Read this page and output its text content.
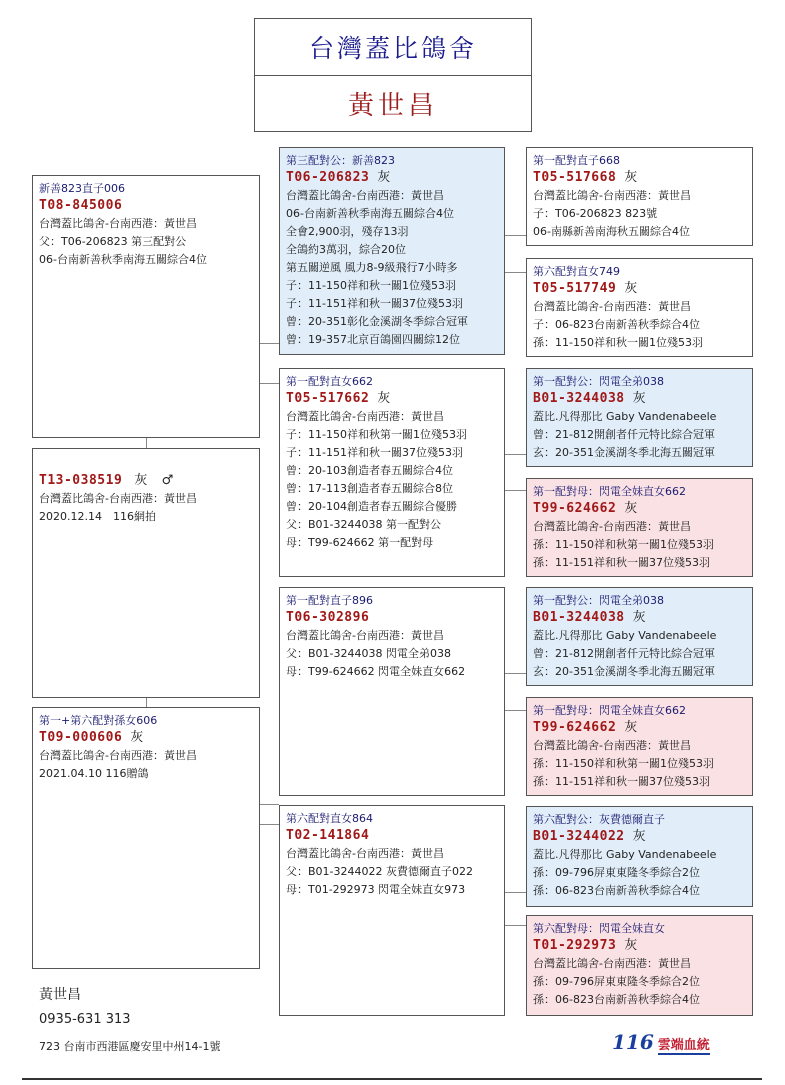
台灣蓋比鴿舍
黃世昌
新善823直子006
T08-845006
台灣蓋比鴿舍-台南西港：黃世昌
父：T06-206823 第三配對公
06-台南新善秋季南海五關綜合4位
T13-038519 灰 ♂
台灣蓋比鴿舍-台南西港：黃世昌
2020.12.14　116網拍
第一+第六配對孫女606
T09-000606 灰
台灣蓋比鴿舍-台南西港：黃世昌
2021.04.10 116贈鴿
第三配對公：新善823
T06-206823 灰
台灣蓋比鴿舍-台南西港：黃世昌
06-台南新善秋季南海五關綜合4位
全會2,900羽，殘存13羽
全鴿約3萬羽，綜合20位
第五關逆風 風力8-9級飛行7小時多
子：11-150祥和秋一關1位殘53羽
子：11-151祥和秋一關37位殘53羽
曾：20-351彰化金溪湖冬季綜合冠軍
曾：19-357北京百鴿園四關綜12位
第一配對直女662
T05-517662 灰
台灣蓋比鴿舍-台南西港：黃世昌
子：11-150祥和秋第一關1位殘53羽
子：11-151祥和秋一關37位殘53羽
曾：20-103創造者春五關綜合4位
曾：17-113創造者春五關綜合8位
曾：20-104創造者春五關綜合優勝
父：B01-3244038 第一配對公
母：T99-624662 第一配對母
第一配對直子896
T06-302896
台灣蓋比鴿舍-台南西港：黃世昌
父：B01-3244038 閃電全弟038
母：T99-624662 閃電全妹直女662
第六配對直女864
T02-141864
台灣蓋比鴿舍-台南西港：黃世昌
父：B01-3244022 灰費德爾直子022
母：T01-292973 閃電全妹直女973
第一配對直子668
T05-517668 灰
台灣蓋比鴿舍-台南西港：黃世昌
子：T06-206823 823號
06-南縣新善南海秋五關綜合4位
第六配對直女749
T05-517749 灰
台灣蓋比鴿舍-台南西港：黃世昌
子：06-823台南新善秋季綜合4位
孫：11-150祥和秋一關1位殘53羽
第一配對公：閃電全弟038
B01-3244038 灰
蓋比.凡得那比 Gaby Vandenabeele
曾：21-812開創者仟元特比綜合冠軍
玄：20-351金溪湖冬季北海五關冠軍
第一配對母：閃電全妹直女662
T99-624662 灰
台灣蓋比鴿舍-台南西港：黃世昌
孫：11-150祥和秋第一關1位殘53羽
孫：11-151祥和秋一關37位殘53羽
第一配對公：閃電全弟038
B01-3244038 灰
蓋比.凡得那比 Gaby Vandenabeele
曾：21-812開創者仟元特比綜合冠軍
玄：20-351金溪湖冬季北海五關冠軍
第一配對母：閃電全妹直女662
T99-624662 灰
台灣蓋比鴿舍-台南西港：黃世昌
孫：11-150祥和秋第一關1位殘53羽
孫：11-151祥和秋一關37位殘53羽
第六配對公：灰費德爾直子
B01-3244022 灰
蓋比.凡得那比 Gaby Vandenabeele
孫：09-796屏東東隆冬季綜合2位
孫：06-823台南新善秋季綜合4位
第六配對母：閃電全妹直女
T01-292973 灰
台灣蓋比鴿舍-台南西港：黃世昌
孫：09-796屏東東隆冬季綜合2位
孫：06-823台南新善秋季綜合4位
黃世昌
0935-631 313
723 台南市西港區慶安里中州14-1號	116 雲端血統
